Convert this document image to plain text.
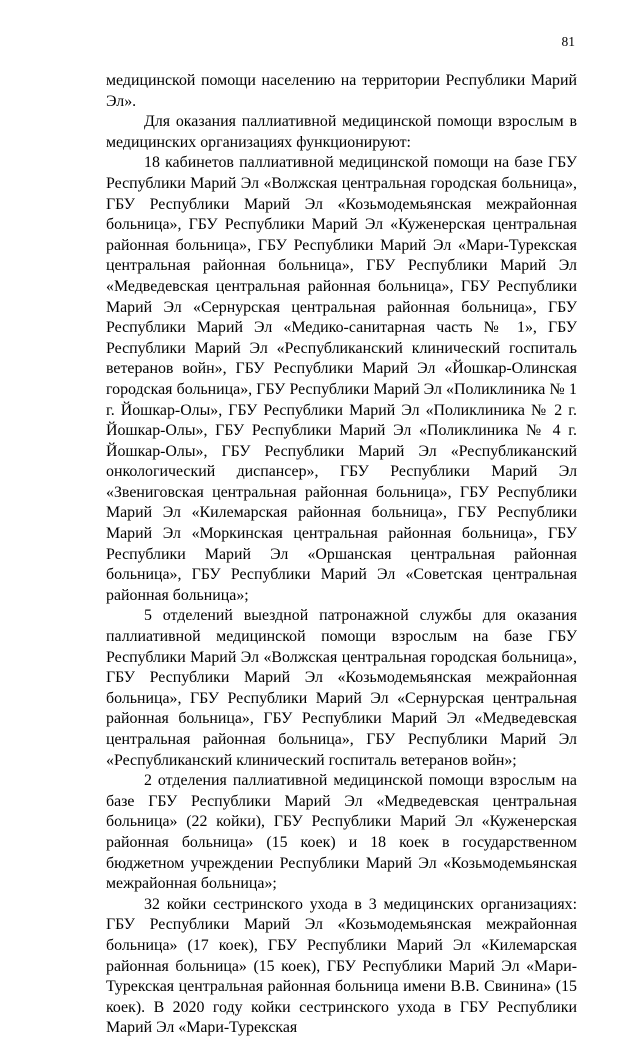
81

медицинской помощи населению на территории Республики Марий Эл».

Для оказания паллиативной медицинской помощи взрослым в медицинских организациях функционируют:

18 кабинетов паллиативной медицинской помощи на базе ГБУ Республики Марий Эл «Волжская центральная городская больница», ГБУ Республики Марий Эл «Козьмодемьянская межрайонная больница», ГБУ Республики Марий Эл «Куженерская центральная районная больница», ГБУ Республики Марий Эл «Мари-Турекская центральная районная больница», ГБУ Республики Марий Эл «Медведевская центральная районная больница», ГБУ Республики Марий Эл «Сернурская центральная районная больница», ГБУ Республики Марий Эл «Медико-санитарная часть № 1», ГБУ Республики Марий Эл «Республиканский клинический госпиталь ветеранов войн», ГБУ Республики Марий Эл «Йошкар-Олинская городская больница», ГБУ Республики Марий Эл «Поликлиника № 1 г. Йошкар-Олы», ГБУ Республики Марий Эл «Поликлиника № 2 г. Йошкар-Олы», ГБУ Республики Марий Эл «Поликлиника № 4 г. Йошкар-Олы», ГБУ Республики Марий Эл «Республиканский онкологический диспансер», ГБУ Республики Марий Эл «Звениговская центральная районная больница», ГБУ Республики Марий Эл «Килемарская районная больница», ГБУ Республики Марий Эл «Моркинская центральная районная больница», ГБУ Республики Марий Эл «Оршанская центральная районная больница», ГБУ Республики Марий Эл «Советская центральная районная больница»;

5 отделений выездной патронажной службы для оказания паллиативной медицинской помощи взрослым на базе ГБУ Республики Марий Эл «Волжская центральная городская больница», ГБУ Республики Марий Эл «Козьмодемьянская межрайонная больница», ГБУ Республики Марий Эл «Сернурская центральная районная больница», ГБУ Республики Марий Эл «Медведевская центральная районная больница», ГБУ Республики Марий Эл «Республиканский клинический госпиталь ветеранов войн»;

2 отделения паллиативной медицинской помощи взрослым на базе ГБУ Республики Марий Эл «Медведевская центральная больница» (22 койки), ГБУ Республики Марий Эл «Куженерская районная больница» (15 коек) и 18 коек в государственном бюджетном учреждении Республики Марий Эл «Козьмодемьянская межрайонная больница»;

32 койки сестринского ухода в 3 медицинских организациях: ГБУ Республики Марий Эл «Козьмодемьянская межрайонная больница» (17 коек), ГБУ Республики Марий Эл «Килемарская районная больница» (15 коек), ГБУ Республики Марий Эл «Мари-Турекская центральная районная больница имени В.В. Свинина» (15 коек). В 2020 году койки сестринского ухода в ГБУ Республики Марий Эл «Мари-Турекская
